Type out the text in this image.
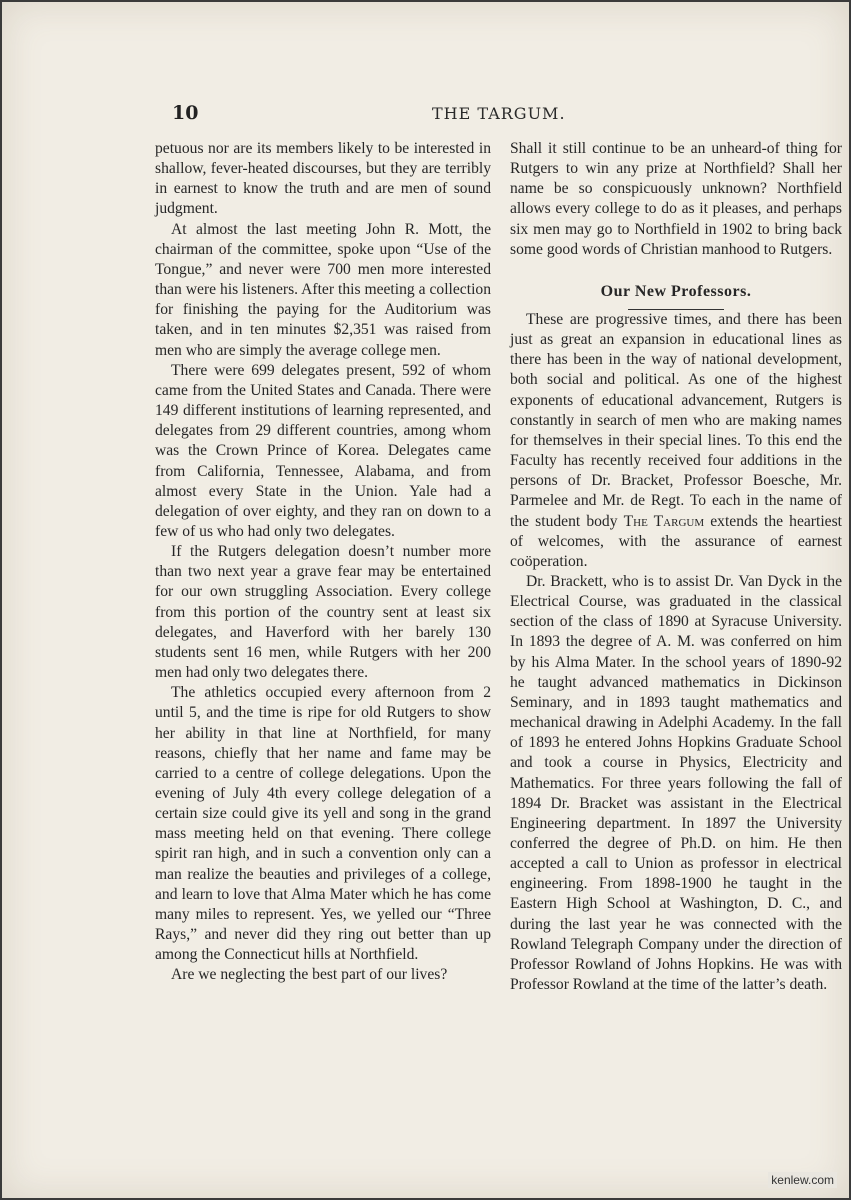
10	THE TARGUM.

petuous nor are its members likely to be interested in shallow, fever-heated discourses, but they are terribly in earnest to know the truth and are men of sound judgment.

At almost the last meeting John R. Mott, the chairman of the committee, spoke upon “Use of the Tongue,” and never were 700 men more interested than were his listeners. After this meeting a collection for finishing the paying for the Auditorium was taken, and in ten minutes $2,351 was raised from men who are simply the average college men.

There were 699 delegates present, 592 of whom came from the United States and Canada. There were 149 different institutions of learning represented, and delegates from 29 different countries, among whom was the Crown Prince of Korea. Delegates came from California, Tennessee, Alabama, and from almost every State in the Union. Yale had a delegation of over eighty, and they ran on down to a few of us who had only two delegates.

If the Rutgers delegation doesn’t number more than two next year a grave fear may be entertained for our own struggling Association. Every college from this portion of the country sent at least six delegates, and Haverford with her barely 130 students sent 16 men, while Rutgers with her 200 men had only two delegates there.

The athletics occupied every afternoon from 2 until 5, and the time is ripe for old Rutgers to show her ability in that line at Northfield, for many reasons, chiefly that her name and fame may be carried to a centre of college delegations. Upon the evening of July 4th every college delegation of a certain size could give its yell and song in the grand mass meeting held on that evening. There college spirit ran high, and in such a convention only can a man realize the beauties and privileges of a college, and learn to love that Alma Mater which he has come many miles to represent. Yes, we yelled our “Three Rays,” and never did they ring out better than up among the Connecticut hills at Northfield.

Are we neglecting the best part of our lives?

Shall it still continue to be an unheard-of thing for Rutgers to win any prize at Northfield? Shall her name be so conspicuously unknown? Northfield allows every college to do as it pleases, and perhaps six men may go to Northfield in 1902 to bring back some good words of Christian manhood to Rutgers.

Our New Professors.

These are progressive times, and there has been just as great an expansion in educational lines as there has been in the way of national development, both social and political. As one of the highest exponents of educational advancement, Rutgers is constantly in search of men who are making names for themselves in their special lines. To this end the Faculty has recently received four additions in the persons of Dr. Bracket, Professor Boesche, Mr. Parmelee and Mr. de Regt. To each in the name of the student body The Targum extends the heartiest of welcomes, with the assurance of earnest coöperation.

Dr. Brackett, who is to assist Dr. Van Dyck in the Electrical Course, was graduated in the classical section of the class of 1890 at Syracuse University. In 1893 the degree of A. M. was conferred on him by his Alma Mater. In the school years of 1890-92 he taught advanced mathematics in Dickinson Seminary, and in 1893 taught mathematics and mechanical drawing in Adelphi Academy. In the fall of 1893 he entered Johns Hopkins Graduate School and took a course in Physics, Electricity and Mathematics. For three years following the fall of 1894 Dr. Bracket was assistant in the Electrical Engineering department. In 1897 the University conferred the degree of Ph.D. on him. He then accepted a call to Union as professor in electrical engineering. From 1898-1900 he taught in the Eastern High School at Washington, D. C., and during the last year he was connected with the Rowland Telegraph Company under the direction of Professor Rowland of Johns Hopkins. He was with Professor Rowland at the time of the latter’s death.

kenlew.com
